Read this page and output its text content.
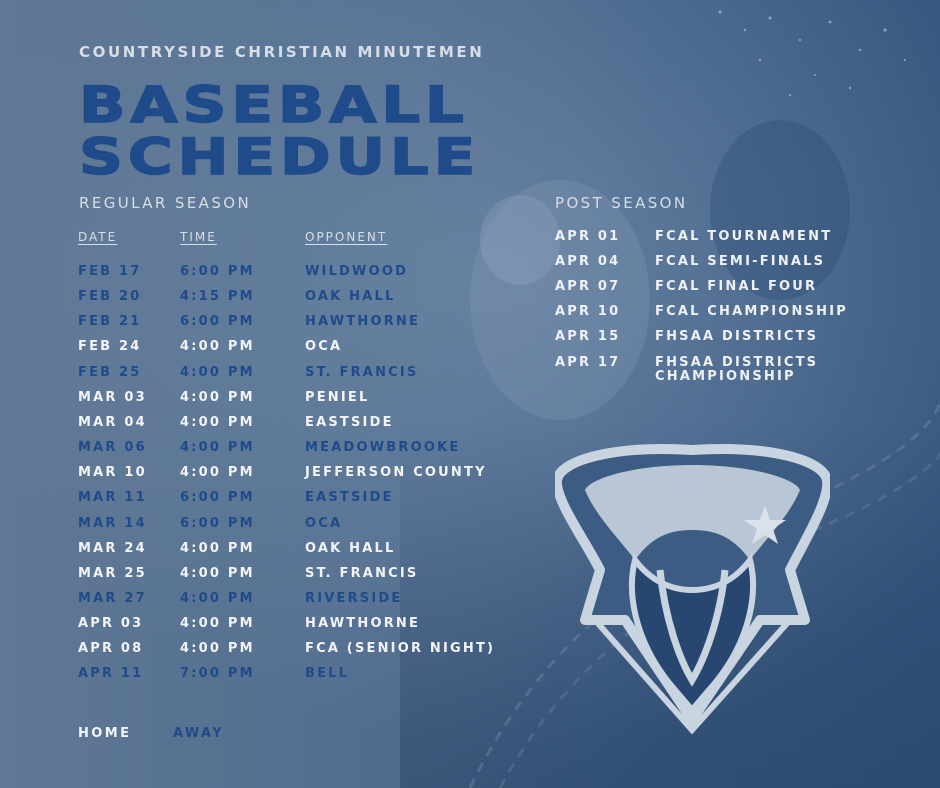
COUNTRYSIDE CHRISTIAN MINUTEMEN
BASEBALL
SCHEDULE
REGULAR SEASON	POST SEASON
DATE	TIME	OPPONENT
FEB 17	6:00 PM	WILDWOOD
FEB 20	4:15 PM	OAK HALL
FEB 21	6:00 PM	HAWTHORNE
FEB 24	4:00 PM	OCA
FEB 25	4:00 PM	ST. FRANCIS
MAR 03	4:00 PM	PENIEL
MAR 04	4:00 PM	EASTSIDE
MAR 06	4:00 PM	MEADOWBROOKE
MAR 10	4:00 PM	JEFFERSON COUNTY
MAR 11	6:00 PM	EASTSIDE
MAR 14	6:00 PM	OCA
MAR 24	4:00 PM	OAK HALL
MAR 25	4:00 PM	ST. FRANCIS
MAR 27	4:00 PM	RIVERSIDE
APR 03	4:00 PM	HAWTHORNE
APR 08	4:00 PM	FCA (SENIOR NIGHT)
APR 11	7:00 PM	BELL
APR 01	FCAL TOURNAMENT
APR 04	FCAL SEMI-FINALS
APR 07	FCAL FINAL FOUR
APR 10	FCAL CHAMPIONSHIP
APR 15	FHSAA DISTRICTS
APR 17	FHSAA DISTRICTS
CHAMPIONSHIP
HOME	AWAY
